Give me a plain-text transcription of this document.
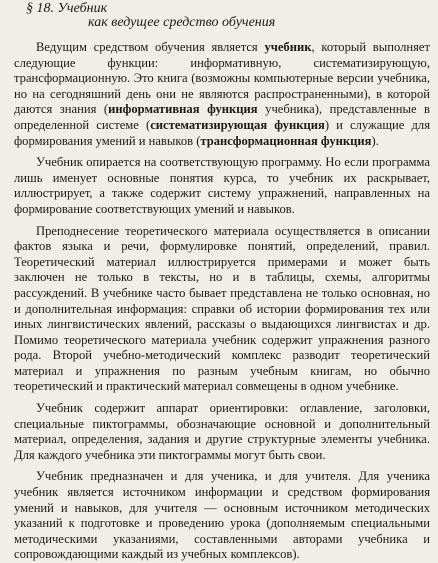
§ 18. Учебник
как ведущее средство обучения

Ведущим средством обучения является учебник, который выполняет следующие функции: информативную, систематизирующую, трансформационную. Это книга (возможны компьютерные версии учебника, но на сегодняшний день они не являются распространенными), в которой даются знания (информативная функция учебника), представленные в определенной системе (систематизирующая функция) и служащие для формирования умений и навыков (трансформационная функция).

Учебник опирается на соответствующую программу. Но если программа лишь именует основные понятия курса, то учебник их раскрывает, иллюстрирует, а также содержит систему упражнений, направленных на формирование соответствующих умений и навыков.

Преподнесение теоретического материала осуществляется в описании фактов языка и речи, формулировке понятий, определений, правил. Теоретический материал иллюстрируется примерами и может быть заключен не только в тексты, но и в таблицы, схемы, алгоритмы рассуждений. В учебнике часто бывает представлена не только основная, но и дополнительная информация: справки об истории формирования тех или иных лингвистических явлений, рассказы о выдающихся лингвистах и др. Помимо теоретического материала учебник содержит упражнения разного рода. Второй учебно-методический комплекс разводит теоретический материал и упражнения по разным учебным книгам, но обычно теоретический и практический материал совмещены в одном учебнике.

Учебник содержит аппарат ориентировки: оглавление, заголовки, специальные пиктограммы, обозначающие основной и дополнительный материал, определения, задания и другие структурные элементы учебника. Для каждого учебника эти пиктограммы могут быть свои.

Учебник предназначен и для ученика, и для учителя. Для ученика учебник является источником информации и средством формирования умений и навыков, для учителя — основным источником методических указаний к подготовке и проведению урока (дополняемым специальными методическими указаниями, составленными авторами учебника и сопровождающими каждый из учебных комплексов).
